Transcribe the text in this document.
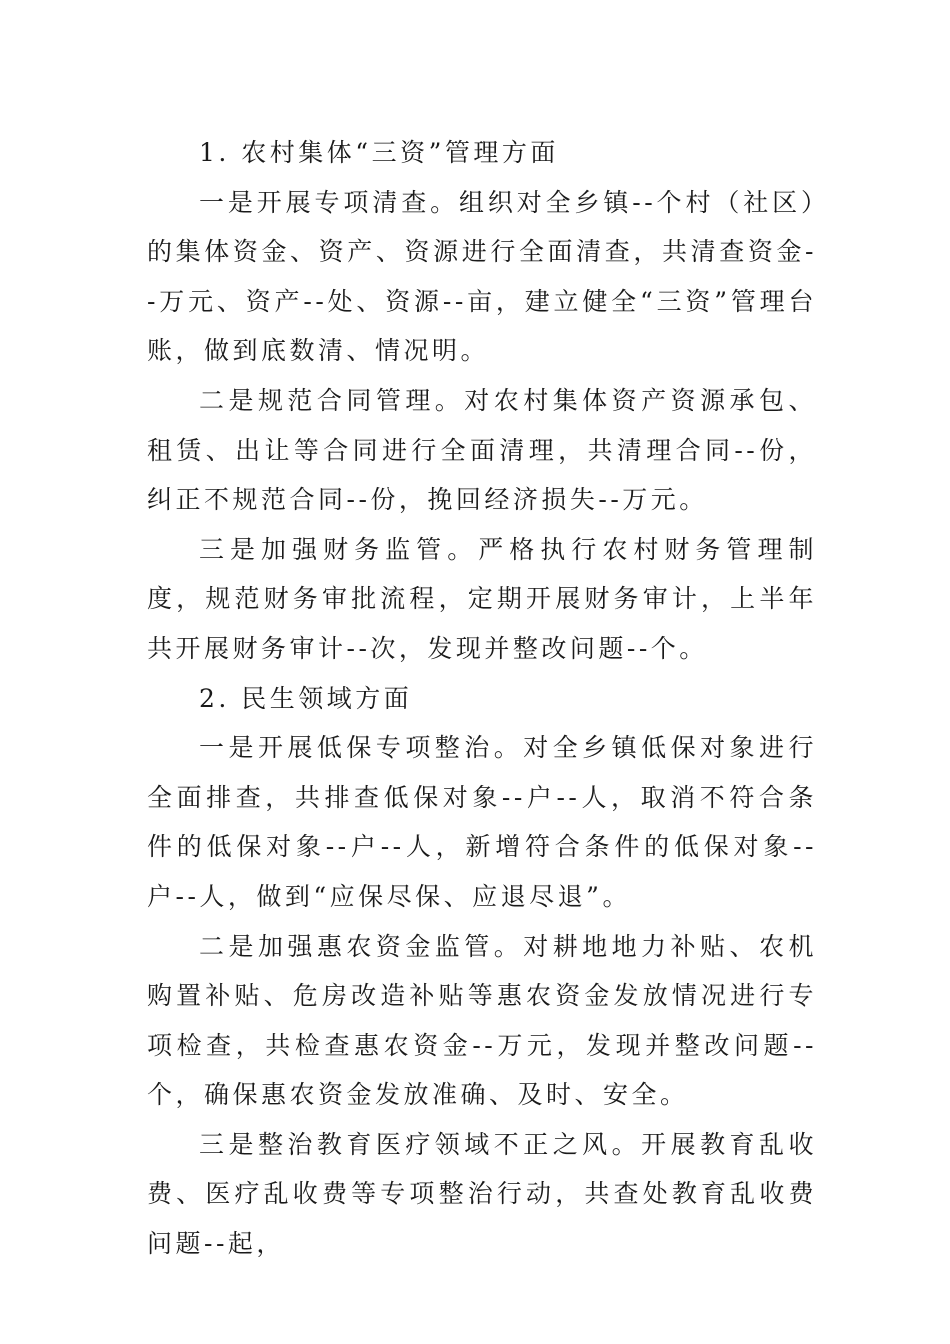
1. 农村集体“三资”管理方面

一是开展专项清查。组织对全乡镇--个村（社区）的集体资金、资产、资源进行全面清查，共清查资金--万元、资产--处、资源--亩，建立健全“三资”管理台账，做到底数清、情况明。

二是规范合同管理。对农村集体资产资源承包、租赁、出让等合同进行全面清理，共清理合同--份，纠正不规范合同--份，挽回经济损失--万元。

三是加强财务监管。严格执行农村财务管理制度，规范财务审批流程，定期开展财务审计，上半年共开展财务审计--次，发现并整改问题--个。

2. 民生领域方面

一是开展低保专项整治。对全乡镇低保对象进行全面排查，共排查低保对象--户--人，取消不符合条件的低保对象--户--人，新增符合条件的低保对象--户--人，做到“应保尽保、应退尽退”。

二是加强惠农资金监管。对耕地地力补贴、农机购置补贴、危房改造补贴等惠农资金发放情况进行专项检查，共检查惠农资金--万元，发现并整改问题--个，确保惠农资金发放准确、及时、安全。

三是整治教育医疗领域不正之风。开展教育乱收费、医疗乱收费等专项整治行动，共查处教育乱收费问题--起，
